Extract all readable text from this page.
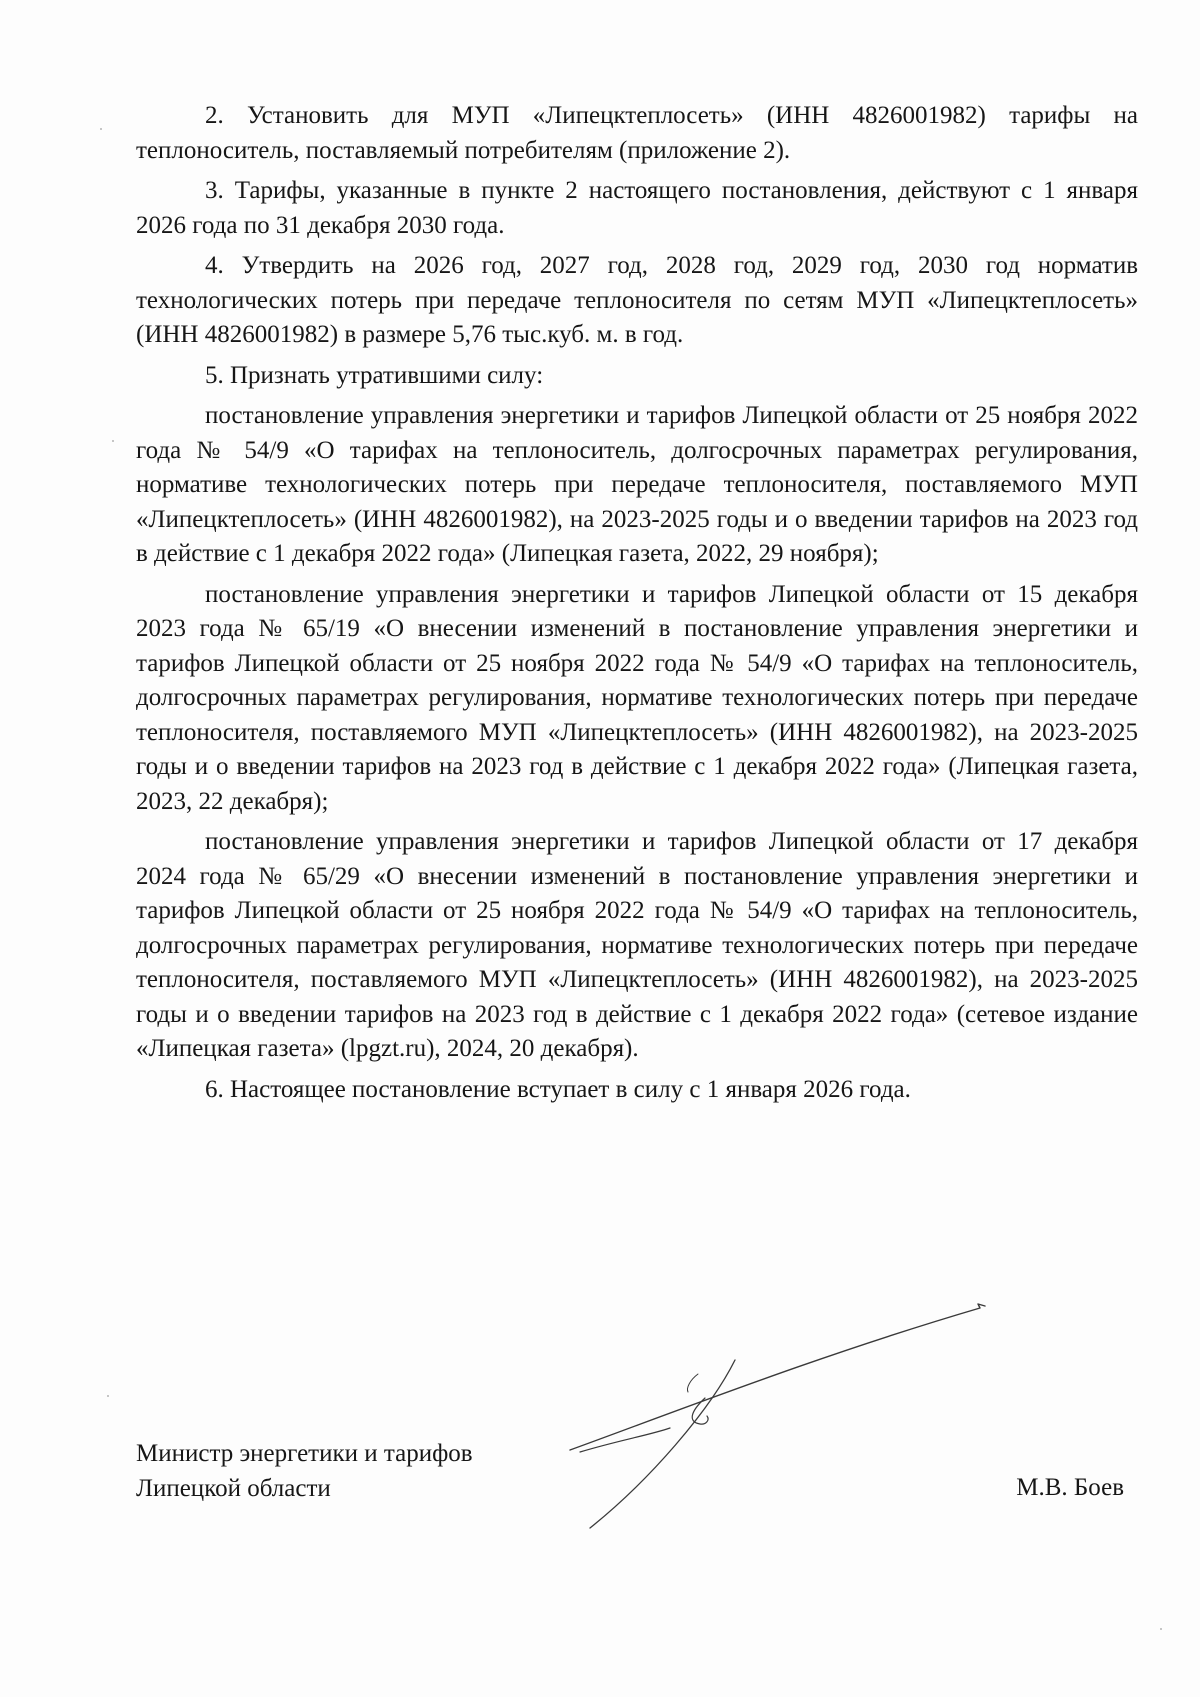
2. Установить для МУП «Липецктеплосеть» (ИНН 4826001982) тарифы на теплоноситель, поставляемый потребителям (приложение 2).

3. Тарифы, указанные в пункте 2 настоящего постановления, действуют с 1 января 2026 года по 31 декабря 2030 года.

4. Утвердить на 2026 год, 2027 год, 2028 год, 2029 год, 2030 год норматив технологических потерь при передаче теплоносителя по сетям МУП «Липецктеплосеть» (ИНН 4826001982) в размере 5,76 тыс.куб. м. в год.

5. Признать утратившими силу:

постановление управления энергетики и тарифов Липецкой области от 25 ноября 2022 года № 54/9 «О тарифах на теплоноситель, долгосрочных параметрах регулирования, нормативе технологических потерь при передаче теплоносителя, поставляемого МУП «Липецктеплосеть» (ИНН 4826001982), на 2023-2025 годы и о введении тарифов на 2023 год в действие с 1 декабря 2022 года» (Липецкая газета, 2022, 29 ноября);

постановление управления энергетики и тарифов Липецкой области от 15 декабря 2023 года № 65/19 «О внесении изменений в постановление управления энергетики и тарифов Липецкой области от 25 ноября 2022 года № 54/9 «О тарифах на теплоноситель, долгосрочных параметрах регулирования, нормативе технологических потерь при передаче теплоносителя, поставляемого МУП «Липецктеплосеть» (ИНН 4826001982), на 2023-2025 годы и о введении тарифов на 2023 год в действие с 1 декабря 2022 года» (Липецкая газета, 2023, 22 декабря);

постановление управления энергетики и тарифов Липецкой области от 17 декабря 2024 года № 65/29 «О внесении изменений в постановление управления энергетики и тарифов Липецкой области от 25 ноября 2022 года № 54/9 «О тарифах на теплоноситель, долгосрочных параметрах регулирования, нормативе технологических потерь при передаче теплоносителя, поставляемого МУП «Липецктеплосеть» (ИНН 4826001982), на 2023-2025 годы и о введении тарифов на 2023 год в действие с 1 декабря 2022 года» (сетевое издание «Липецкая газета» (lpgzt.ru), 2024, 20 декабря).

6. Настоящее постановление вступает в силу с 1 января 2026 года.

Министр энергетики и тарифов
Липецкой области	М.В. Боев
